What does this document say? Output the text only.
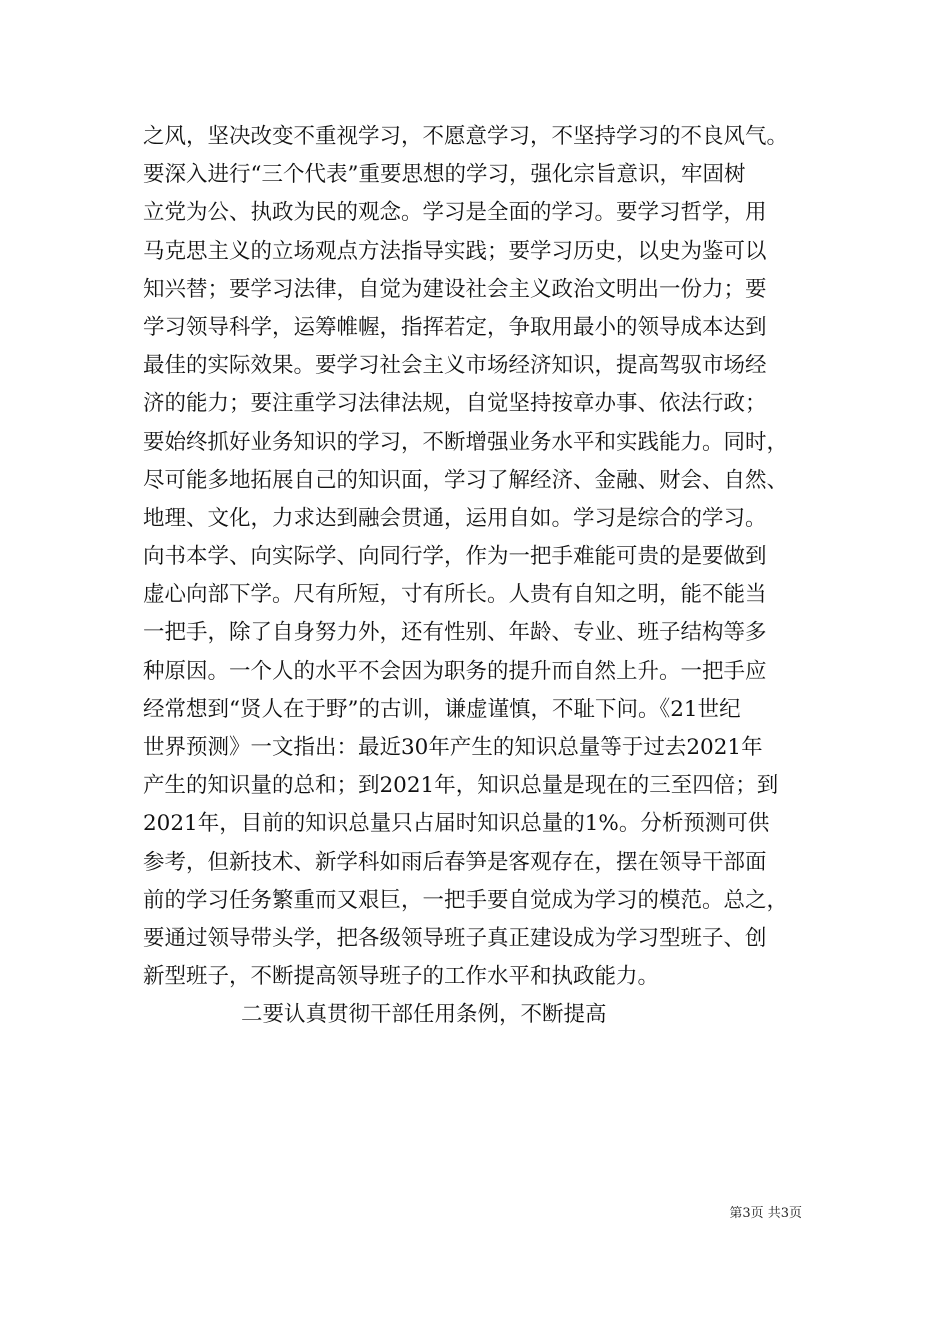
之风，坚决改变不重视学习，不愿意学习，不坚持学习的不良风气。
要深入进行“三个代表”重要思想的学习，强化宗旨意识，牢固树
立党为公、执政为民的观念。学习是全面的学习。要学习哲学，用
马克思主义的立场观点方法指导实践；要学习历史，以史为鉴可以
知兴替；要学习法律，自觉为建设社会主义政治文明出一份力；要
学习领导科学，运筹帷幄，指挥若定，争取用最小的领导成本达到
最佳的实际效果。要学习社会主义市场经济知识，提高驾驭市场经
济的能力；要注重学习法律法规，自觉坚持按章办事、依法行政；
要始终抓好业务知识的学习，不断增强业务水平和实践能力。同时，
尽可能多地拓展自己的知识面，学习了解经济、金融、财会、自然、
地理、文化，力求达到融会贯通，运用自如。学习是综合的学习。
向书本学、向实际学、向同行学，作为一把手难能可贵的是要做到
虚心向部下学。尺有所短，寸有所长。人贵有自知之明，能不能当
一把手，除了自身努力外，还有性别、年龄、专业、班子结构等多
种原因。一个人的水平不会因为职务的提升而自然上升。一把手应
经常想到“贤人在于野”的古训，谦虚谨慎，不耻下问。《21世纪
世界预测》一文指出：最近30年产生的知识总量等于过去2021年
产生的知识量的总和；到2021年，知识总量是现在的三至四倍；到
2021年，目前的知识总量只占届时知识总量的1%。分析预测可供
参考，但新技术、新学科如雨后春笋是客观存在，摆在领导干部面
前的学习任务繁重而又艰巨，一把手要自觉成为学习的模范。总之，
要通过领导带头学，把各级领导班子真正建设成为学习型班子、创
新型班子，不断提高领导班子的工作水平和执政能力。
二要认真贯彻干部任用条例，不断提高
第3页 共3页
